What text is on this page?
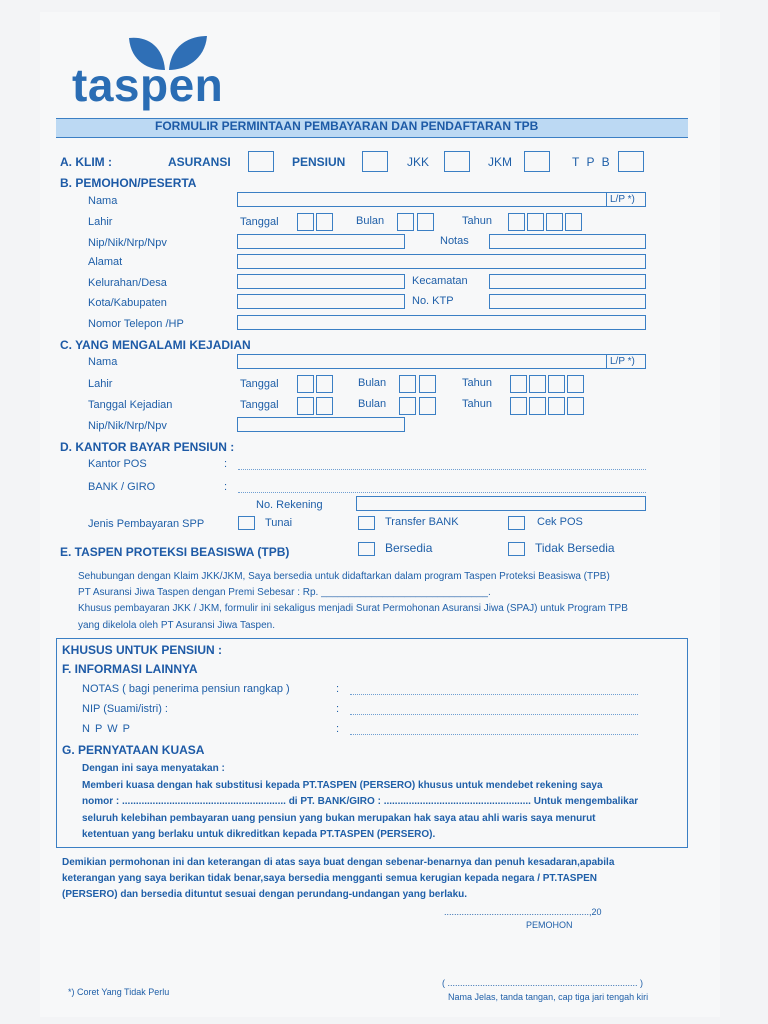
taspen
FORMULIR PERMINTAAN PEMBAYARAN DAN PENDAFTARAN TPB
A. KLIM :	ASURANSI	PENSIUN	JKK	JKM	T P B
B. PEMOHON/PESERTA
Nama	L/P *)
Lahir	Tanggal	Bulan	Tahun
Nip/Nik/Nrp/Npv	Notas
Alamat
Kelurahan/Desa	Kecamatan
Kota/Kabupaten	No. KTP
Nomor Telepon /HP
C. YANG MENGALAMI KEJADIAN
Nama	L/P *)
Lahir	Tanggal	Bulan	Tahun
Tanggal Kejadian	Tanggal	Bulan	Tahun
Nip/Nik/Nrp/Npv
D. KANTOR BAYAR PENSIUN :
Kantor POS	:
BANK / GIRO	:
No. Rekening
Jenis Pembayaran SPP	Tunai	Transfer BANK	Cek POS
E. TASPEN PROTEKSI BEASISWA (TPB)	Bersedia	Tidak Bersedia
Sehubungan dengan Klaim JKK/JKM, Saya bersedia untuk didaftarkan dalam program Taspen Proteksi Beasiswa (TPB)
PT Asuransi Jiwa Taspen dengan Premi Sebesar : Rp. ______________________________.
Khusus pembayaran JKK / JKM, formulir ini sekaligus menjadi Surat Permohonan Asuransi Jiwa (SPAJ) untuk Program TPB
yang dikelola oleh PT Asuransi Jiwa Taspen.
KHUSUS UNTUK PENSIUN :
F. INFORMASI LAINNYA
NOTAS ( bagi penerima pensiun rangkap )	:
NIP (Suami/istri) :	:
N P W P	:
G. PERNYATAAN KUASA
Dengan ini saya menyatakan :
Memberi kuasa dengan hak substitusi kepada PT.TASPEN (PERSERO) khusus untuk mendebet rekening saya
nomor : ........................................................... di PT. BANK/GIRO : ..................................................... Untuk mengembalikar
seluruh kelebihan pembayaran uang pensiun yang bukan merupakan hak saya atau ahli waris saya menurut
ketentuan yang berlaku untuk dikreditkan kepada PT.TASPEN (PERSERO).
Demikian permohonan ini dan keterangan di atas saya buat dengan sebenar-benarnya dan penuh kesadaran,apabila
keterangan yang saya berikan tidak benar,saya bersedia mengganti semua kerugian kepada negara / PT.TASPEN
(PERSERO) dan bersedia dituntut sesuai dengan perundang-undangan yang berlaku.
..........................................................,20
PEMOHON
*) Coret Yang Tidak Perlu
( ............................................................................ )
Nama Jelas, tanda tangan, cap tiga jari tengah kiri
